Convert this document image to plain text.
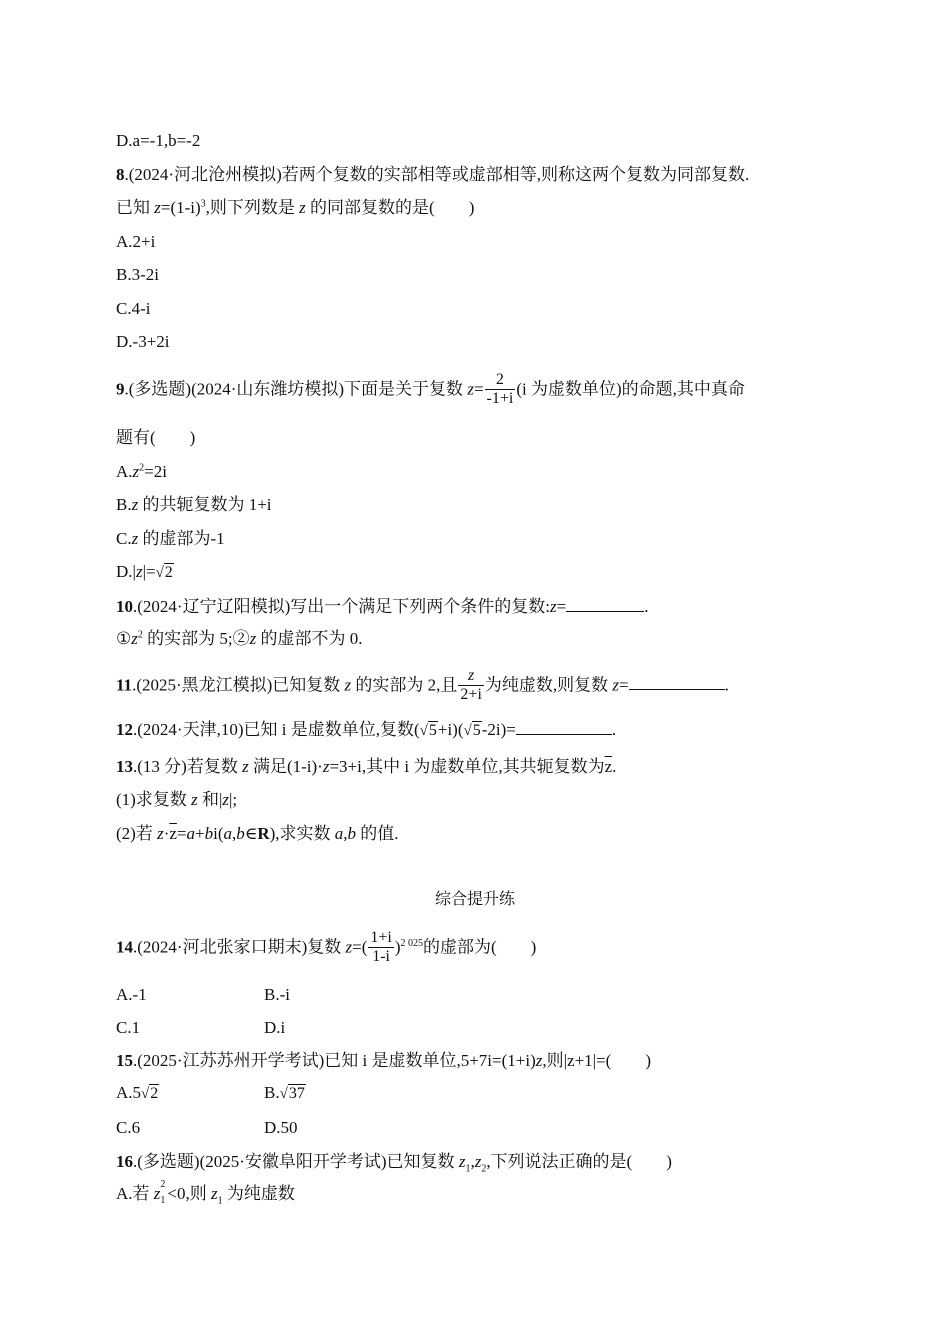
D.a=-1,b=-2
8.(2024·河北沧州模拟)若两个复数的实部相等或虚部相等,则称这两个复数为同部复数.
已知 $z=(1-i)^3$,则下列数是 z 的同部复数的是(　　)
A.2+i
B.3-2i
C.4-i
D.-3+2i
9.(多选题)(2024·山东潍坊模拟)下面是关于复数 $z= \frac{2}{-1+i} (i$ 为虚数单位)的命题,其中真命
题有(　　)
$A.z^2=2i$
B.z 的共轭复数为 1+i
C.z 的虚部为-1
D.|z|=√2
10.(2024·辽宁辽阳模拟)写出一个满足下列两个条件的复数:z=	.
$①z^2$ 的实部为 5;②z 的虚部不为 0.
11.(2025·黑龙江模拟)已知复数 z 的实部为 2,且 $\frac{z}{2+i}$ 为纯虚数,则复数 z=	.
12.(2024·天津,10)已知 i 是虚数单位,复数(√5+i)(√5-2i)=	.
13.(13 分)若复数 z 满足(1-i)·z=3+i,其中 i 为虚数单位,其共轭复数为$\overline{z}$.
(1)求复数 z 和|z|;
(2)若 $z\cdot\overline{z}=a+bi(a,b\in R)$,求实数 a,b 的值.
综合提升练
14.(2024·河北张家口期末)复数 $z=( \frac{1+i}{1-i} )^{2 025}$的虚部为(　　)
A.-1	B.-i
C.1	D.i
15.(2025·江苏苏州开学考试)已知 i 是虚数单位,5+7i=(1+i)z,则|z+1|=(　　)
A.5√2	B.√37
C.6	D.50
16.(多选题)(2025·安徽阜阳开学考试)已知复数 $z_1,z_2$,下列说法正确的是(　　)
A.若 z 2
1 <0,则 $z_1$ 为纯虚数
